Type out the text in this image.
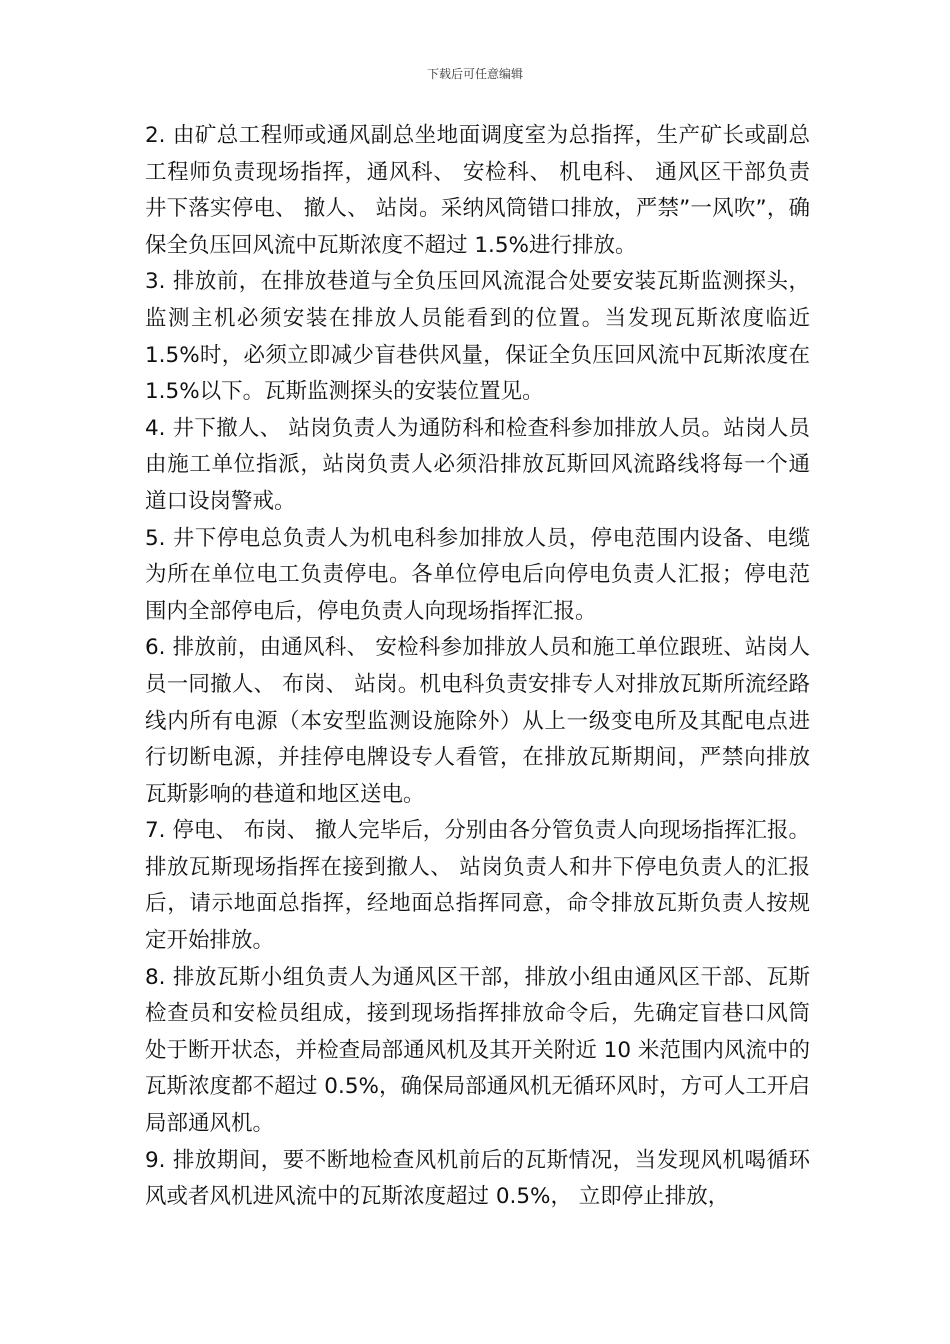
下载后可任意编辑

2. 由矿总工程师或通风副总坐地面调度室为总指挥，生产矿长或副总工程师负责现场指挥，通风科、 安检科、 机电科、 通风区干部负责井下落实停电、 撤人、 站岗。采纳风筒错口排放，严禁”一风吹”，确保全负压回风流中瓦斯浓度不超过 1.5%进行排放。

3. 排放前，在排放巷道与全负压回风流混合处要安装瓦斯监测探头，监测主机必须安装在排放人员能看到的位置。当发现瓦斯浓度临近 1.5%时，必须立即减少盲巷供风量，保证全负压回风流中瓦斯浓度在 1.5%以下。瓦斯监测探头的安装位置见。

4. 井下撤人、 站岗负责人为通防科和检查科参加排放人员。站岗人员由施工单位指派，站岗负责人必须沿排放瓦斯回风流路线将每一个通道口设岗警戒。

5. 井下停电总负责人为机电科参加排放人员，停电范围内设备、电缆为所在单位电工负责停电。各单位停电后向停电负责人汇报；停电范围内全部停电后，停电负责人向现场指挥汇报。

6. 排放前，由通风科、 安检科参加排放人员和施工单位跟班、站岗人员一同撤人、 布岗、 站岗。机电科负责安排专人对排放瓦斯所流经路线内所有电源（本安型监测设施除外）从上一级变电所及其配电点进行切断电源，并挂停电牌设专人看管，在排放瓦斯期间，严禁向排放瓦斯影响的巷道和地区送电。

7. 停电、 布岗、 撤人完毕后，分别由各分管负责人向现场指挥汇报。排放瓦斯现场指挥在接到撤人、 站岗负责人和井下停电负责人的汇报后，请示地面总指挥，经地面总指挥同意，命令排放瓦斯负责人按规定开始排放。

8. 排放瓦斯小组负责人为通风区干部，排放小组由通风区干部、瓦斯检查员和安检员组成，接到现场指挥排放命令后，先确定盲巷口风筒处于断开状态，并检查局部通风机及其开关附近 10 米范围内风流中的瓦斯浓度都不超过 0.5%，确保局部通风机无循环风时，方可人工开启局部通风机。

9. 排放期间，要不断地检查风机前后的瓦斯情况，当发现风机喝循环风或者风机进风流中的瓦斯浓度超过 0.5%， 立即停止排放，
